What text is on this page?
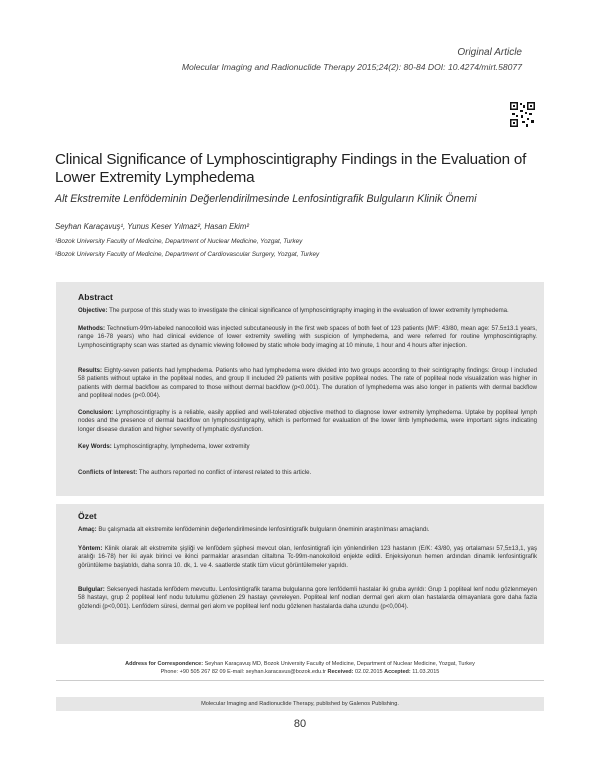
Original Article
Molecular Imaging and Radionuclide Therapy 2015;24(2): 80-84 DOI: 10.4274/mirt.58077
Clinical Significance of Lymphoscintigraphy Findings in the Evaluation of
Lower Extremity Lymphedema
Alt Ekstremite Lenfödeminin Değerlendirilmesinde Lenfosintigrafik Bulguların Klinik Önemi
Seyhan Karaçavuş¹, Yunus Keser Yılmaz², Hasan Ekim²
¹Bozok University Faculty of Medicine, Department of Nuclear Medicine, Yozgat, Turkey
²Bozok University Faculty of Medicine, Department of Cardiovascular Surgery, Yozgat, Turkey
Abstract
Objective: The purpose of this study was to investigate the clinical significance of lymphoscintigraphy imaging in the evaluation of lower extremity lymphedema.
Methods: Technetium-99m-labeled nanocolloid was injected subcutaneously in the first web spaces of both feet of 123 patients (M/F: 43/80, mean age: 57.5±13.1 years, range 16-78 years) who had clinical evidence of lower extremity swelling with suspicion of lymphedema, and were referred for routine lymphoscintigraphy. Lymphoscintigraphy scan was started as dynamic viewing followed by static whole body imaging at 10 minute, 1 hour and 4 hours after injection.
Results: Eighty-seven patients had lymphedema. Patients who had lymphedema were divided into two groups according to their scintigraphy findings: Group I included 58 patients without uptake in the popliteal nodes, and group II included 29 patients with positive popliteal nodes. The rate of popliteal node visualization was higher in patients with dermal backflow as compared to those without dermal backflow (p<0.001). The duration of lymphedema was also longer in patients with dermal backflow and popliteal nodes (p<0.004).
Conclusion: Lymphoscintigraphy is a reliable, easily applied and well-tolerated objective method to diagnose lower extremity lymphedema. Uptake by popliteal lymph nodes and the presence of dermal backflow on lymphoscintigraphy, which is performed for evaluation of the lower limb lymphedema, were important signs indicating longer disease duration and higher severity of lymphatic dysfunction.
Key Words: Lymphoscintigraphy, lymphedema, lower extremity
Conflicts of Interest: The authors reported no conflict of interest related to this article.
Özet
Amaç: Bu çalışmada alt ekstremite lenfödeminin değerlendirilmesinde lenfosintigrafik bulguların öneminin araştırılması amaçlandı.
Yöntem: Klinik olarak alt ekstremite şişliği ve lenfödem şüphesi mevcut olan, lenfosintigrafi için yönlendirilen 123 hastanın (E/K: 43/80, yaş ortalaması 57,5±13,1, yaş aralığı 16-78) her iki ayak birinci ve ikinci parmaklar arasından ciltaltına Tc-99m-nanokolloid enjekte edildi. Enjeksiyonun hemen ardından dinamik lenfosintigrafik görüntüleme başlatıldı, daha sonra 10. dk, 1. ve 4. saatlerde statik tüm vücut görüntülemeler yapıldı.
Bulgular: Seksenyedi hastada lenfödem mevcuttu. Lenfosintigrafik tarama bulgularına gore lenfödemli hastalar iki gruba ayrıldı: Grup 1 popliteal lenf nodu gözlenmeyen 58 hastayı, grup 2 popliteal lenf nodu tutulumu gözlenen 29 hastayı çevreleyen. Popliteal lenf nodları dermal geri akım olan hastalarda olmayanlara gore daha fazla gözlendi (p<0,001). Lenfödem süresi, dermal geri akım ve popliteal lenf nodu gözlenen hastalarda daha uzundu (p<0,004).
Address for Correspondence: Seyhan Karaçavuş MD, Bozok University Faculty of Medicine, Department of Nuclear Medicine, Yozgat, Turkey
Phone: +90 505 267 82 09 E-mail: seyhan.karacavus@bozok.edu.tr Received: 02.02.2015 Accepted: 11.03.2015
Molecular Imaging and Radionuclide Therapy, published by Galenos Publishing.
80
